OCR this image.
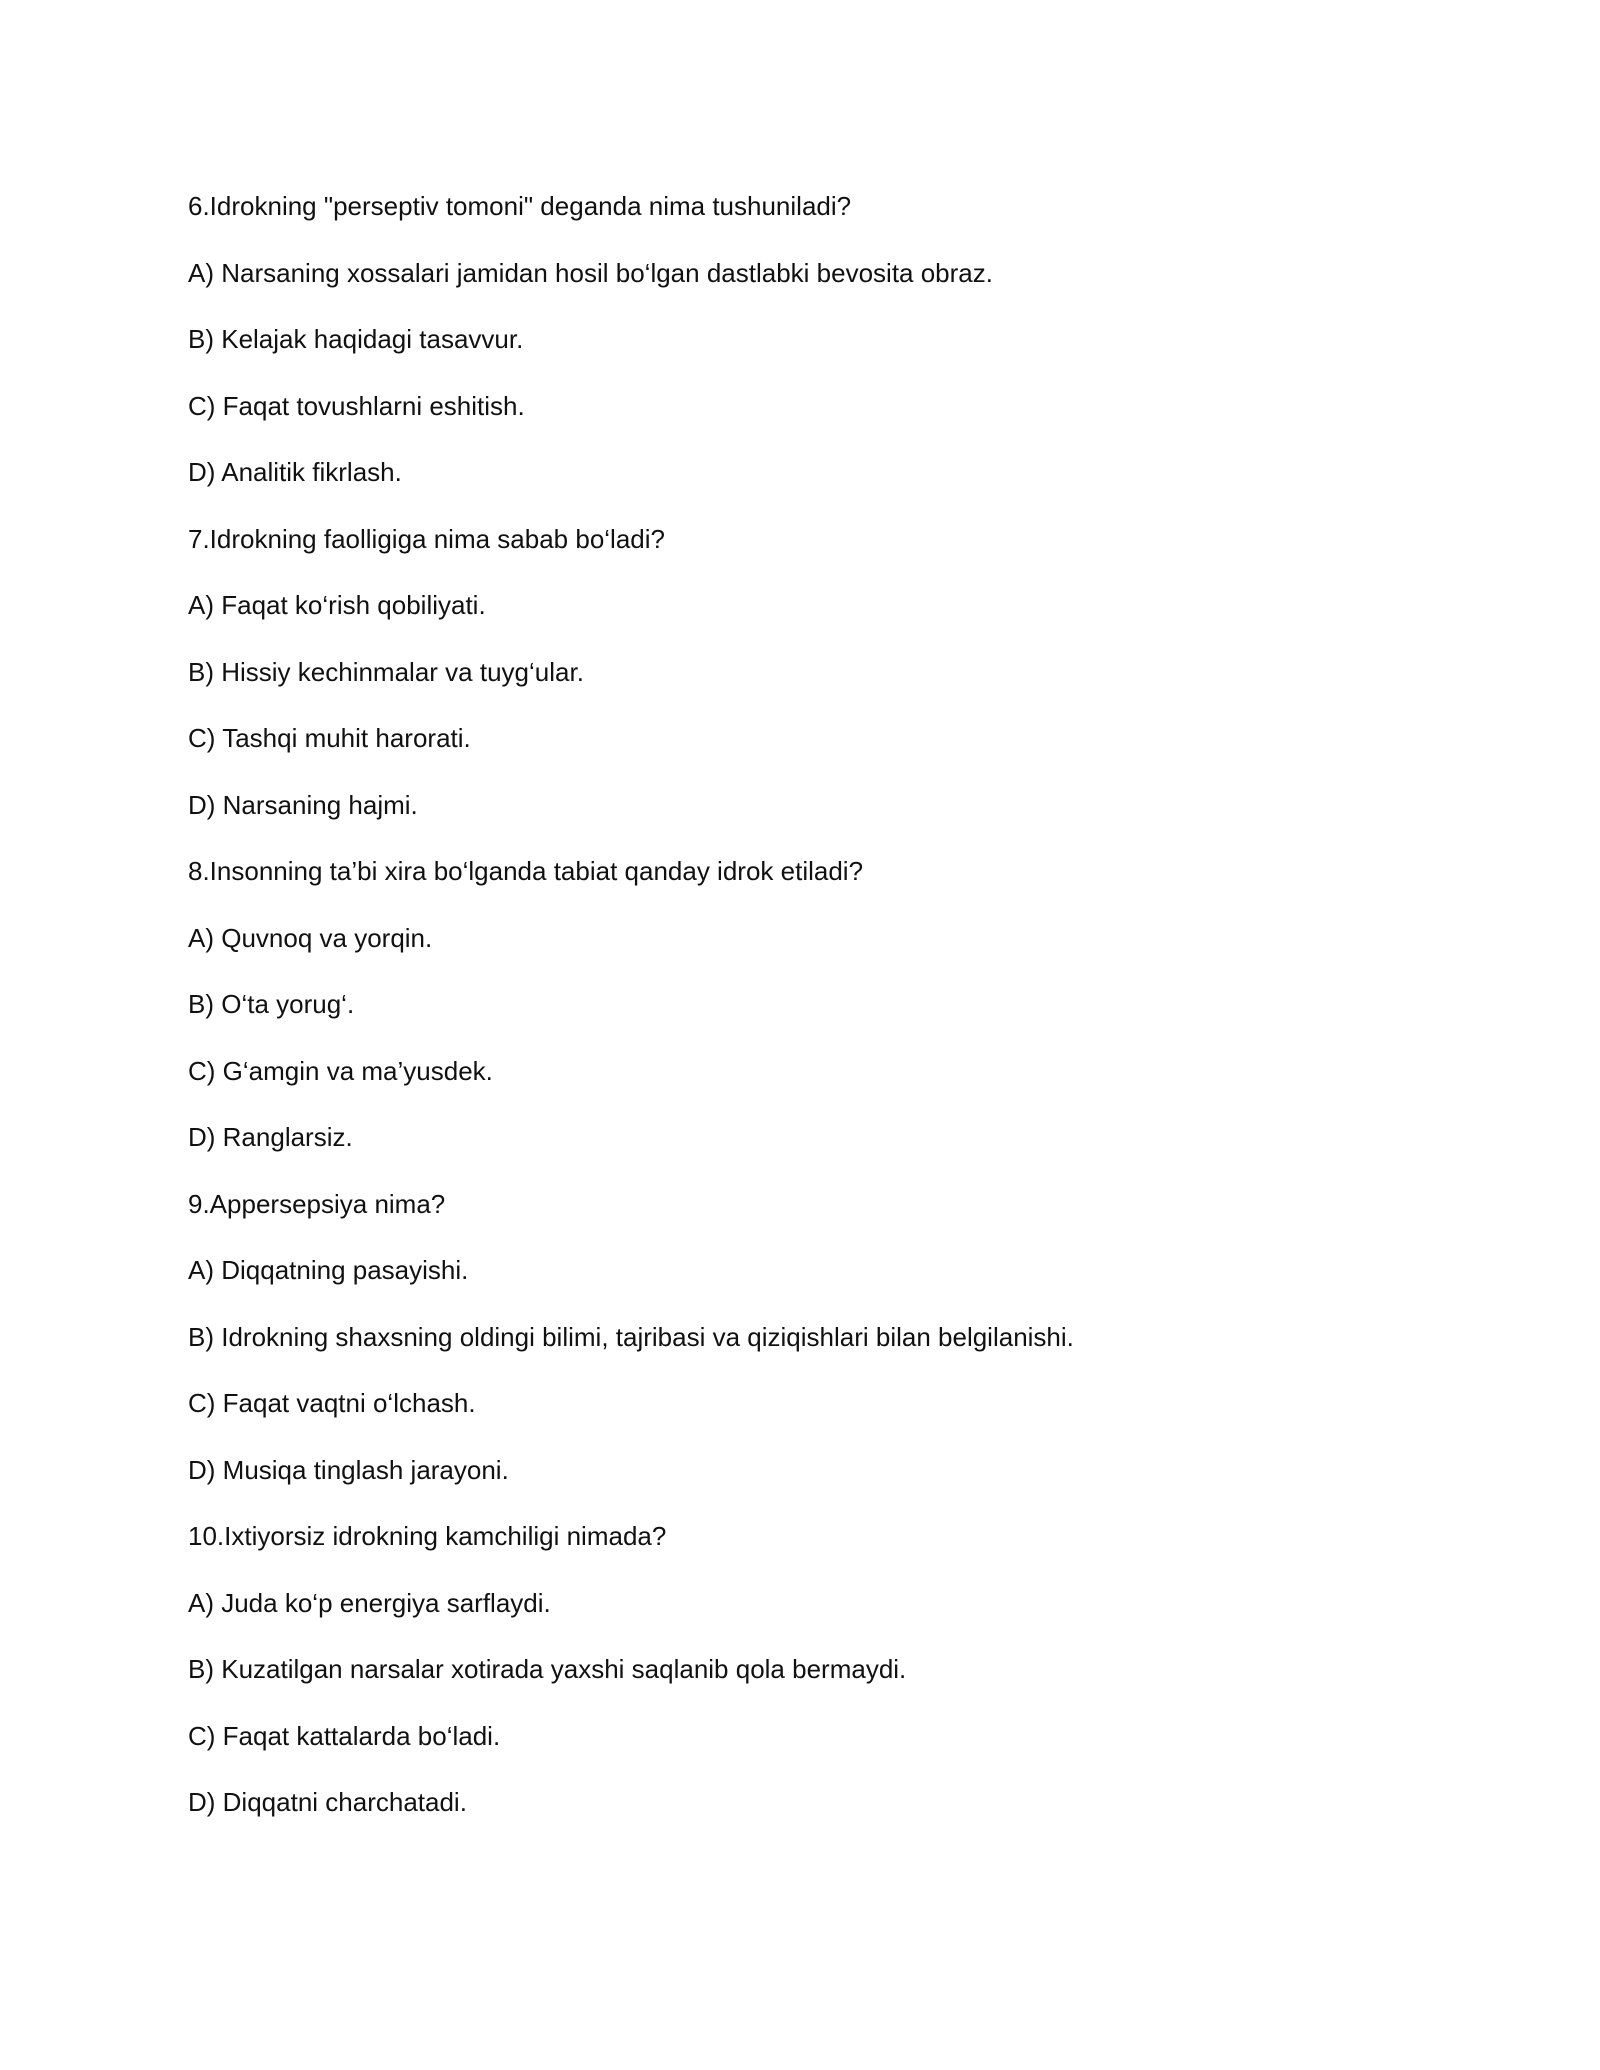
6.Idrokning "perseptiv tomoni" deganda nima tushuniladi?
A) Narsaning xossalari jamidan hosil bo‘lgan dastlabki bevosita obraz.
B) Kelajak haqidagi tasavvur.
C) Faqat tovushlarni eshitish.
D) Analitik fikrlash.
7.Idrokning faolligiga nima sabab bo‘ladi?
A) Faqat ko‘rish qobiliyati.
B) Hissiy kechinmalar va tuyg‘ular.
C) Tashqi muhit harorati.
D) Narsaning hajmi.
8.Insonning ta’bi xira bo‘lganda tabiat qanday idrok etiladi?
A) Quvnoq va yorqin.
B) O‘ta yorug‘.
C) G‘amgin va ma’yusdek.
D) Ranglarsiz.
9.Appersepsiya nima?
A) Diqqatning pasayishi.
B) Idrokning shaxsning oldingi bilimi, tajribasi va qiziqishlari bilan belgilanishi.
C) Faqat vaqtni o‘lchash.
D) Musiqa tinglash jarayoni.
10.Ixtiyorsiz idrokning kamchiligi nimada?
A) Juda ko‘p energiya sarflaydi.
B) Kuzatilgan narsalar xotirada yaxshi saqlanib qola bermaydi.
C) Faqat kattalarda bo‘ladi.
D) Diqqatni charchatadi.
